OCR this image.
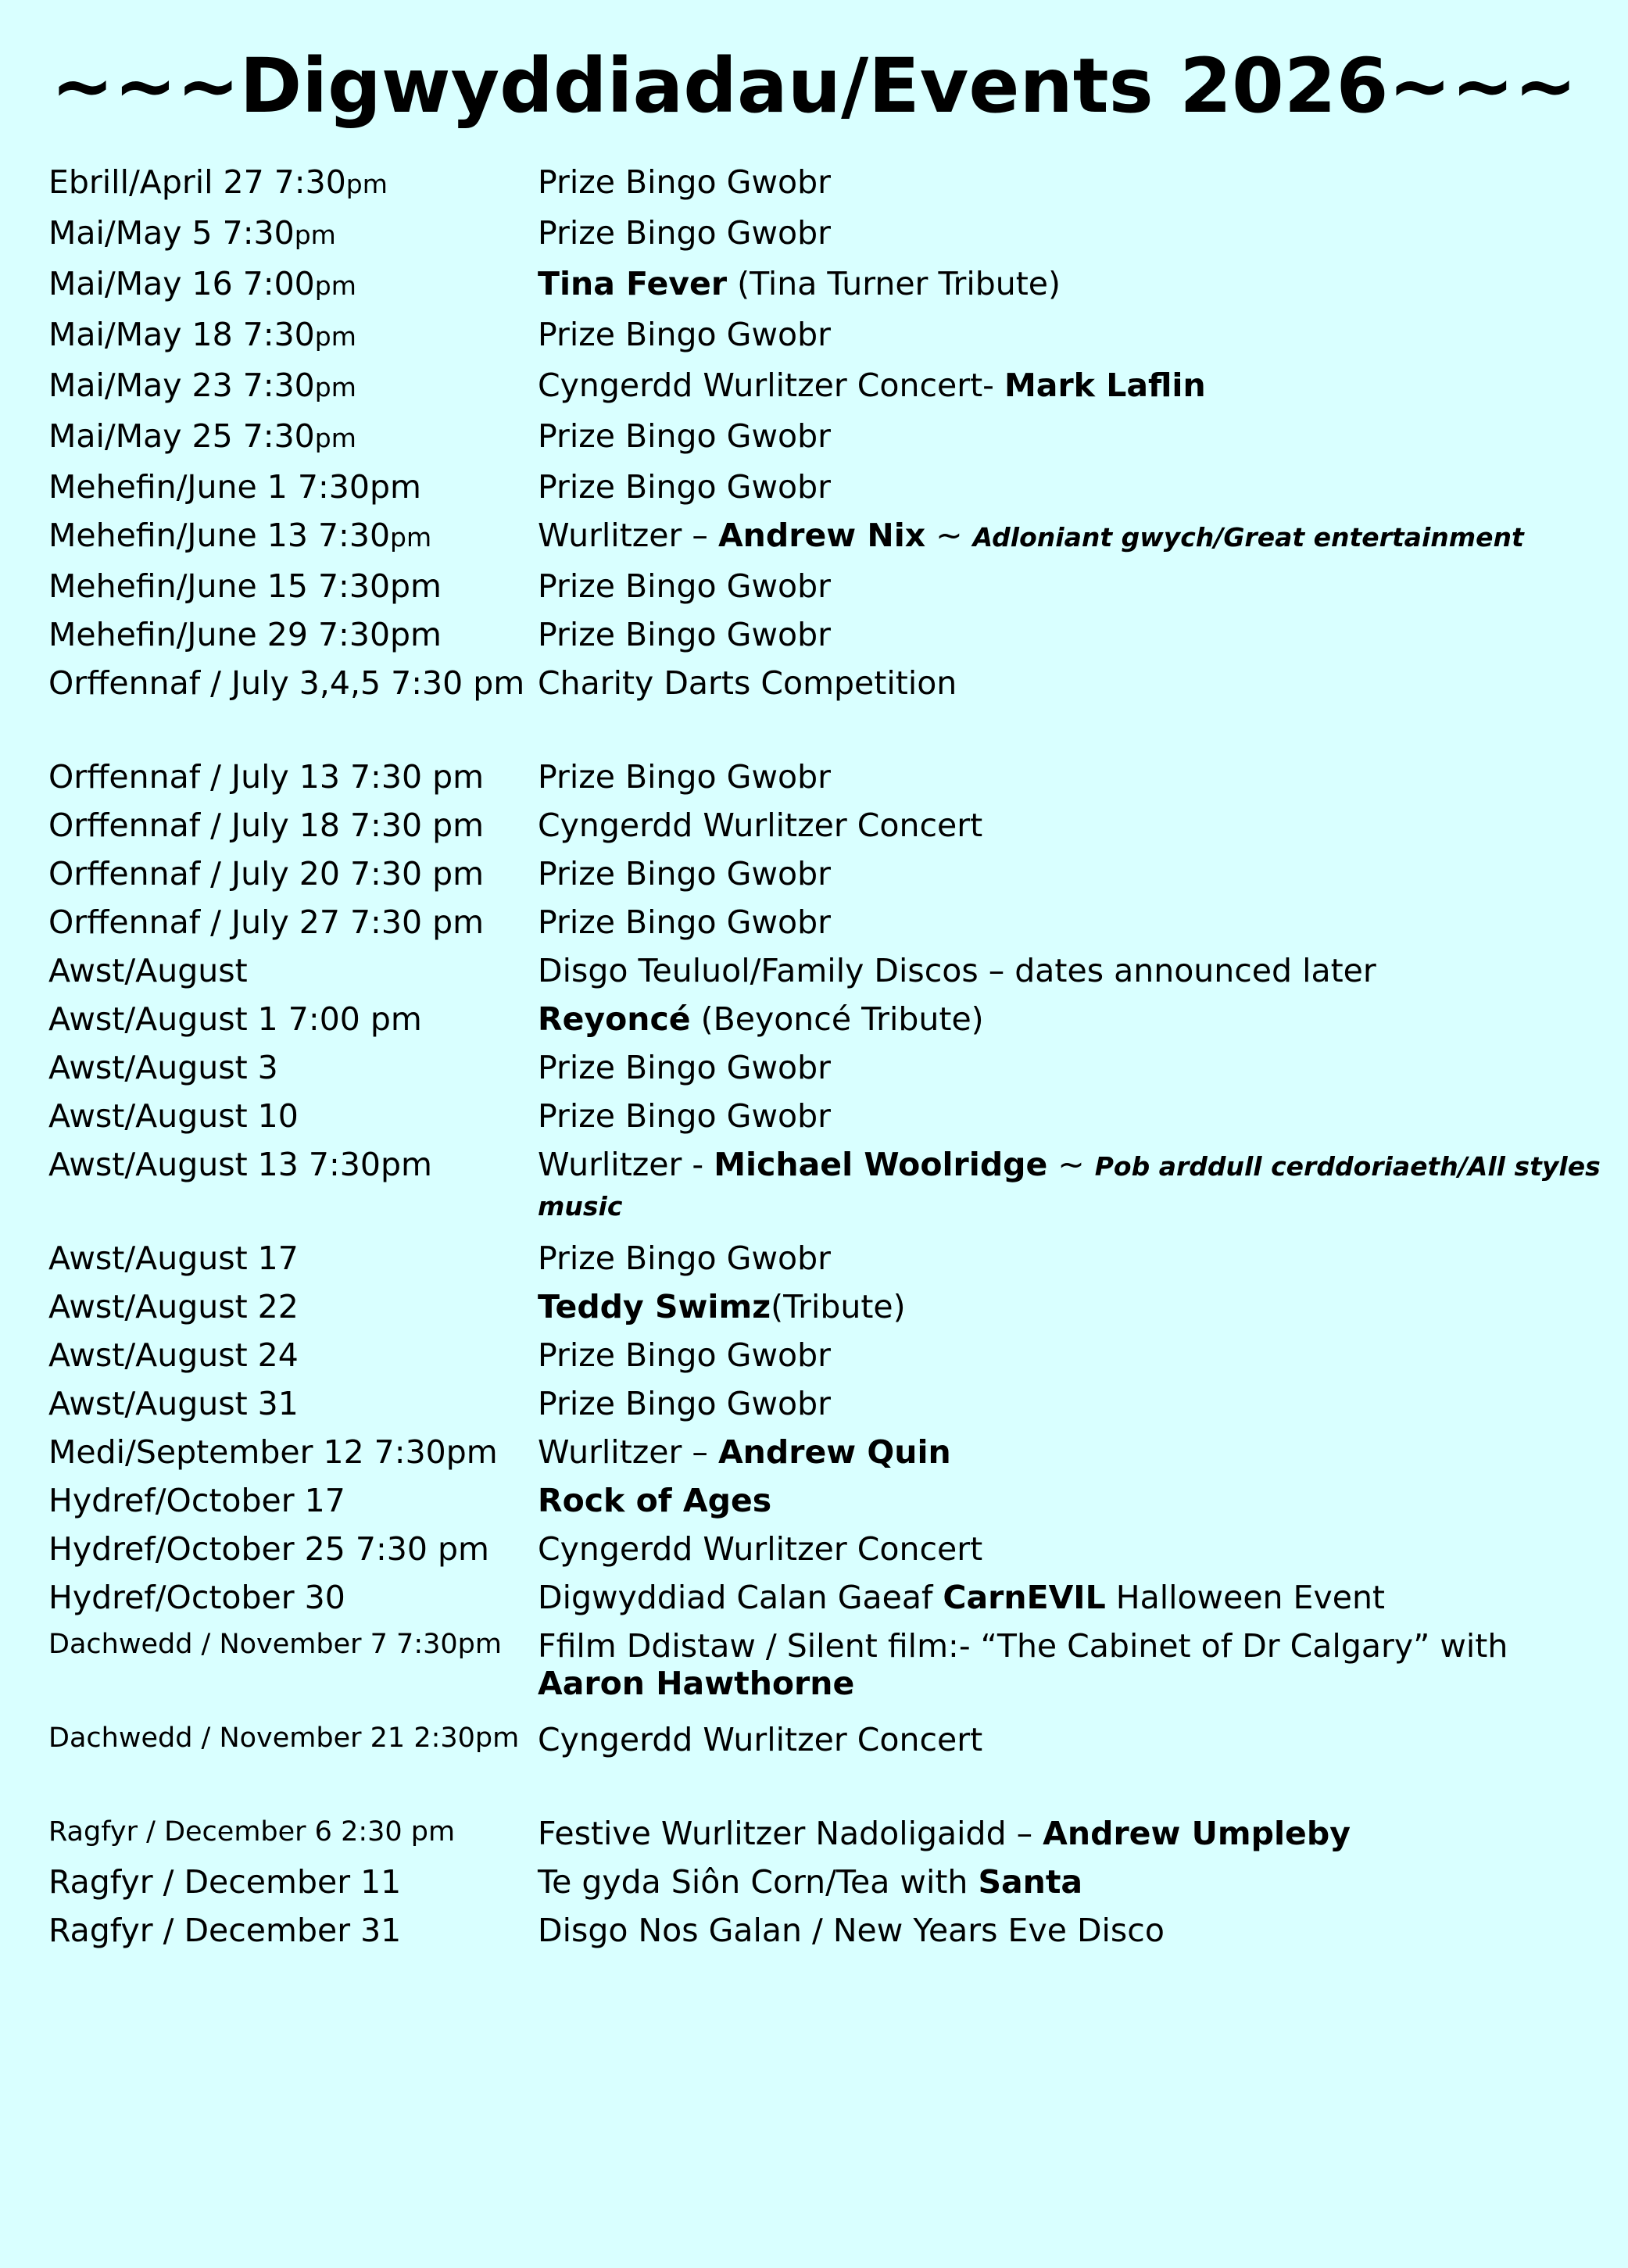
~~~Digwyddiadau/Events 2026~~~
Ebrill/April 27 7:30pm	Prize Bingo Gwobr
Mai/May 5 7:30pm	Prize Bingo Gwobr
Mai/May 16 7:00pm	Tina Fever (Tina Turner Tribute)
Mai/May 18 7:30pm	Prize Bingo Gwobr
Mai/May 23 7:30pm	Cyngerdd Wurlitzer Concert- Mark Laflin
Mai/May 25 7:30pm	Prize Bingo Gwobr
Mehefin/June 1 7:30pm	Prize Bingo Gwobr
Mehefin/June 13 7:30pm	Wurlitzer – Andrew Nix ~ Adloniant gwych/Great entertainment
Mehefin/June 15 7:30pm	Prize Bingo Gwobr
Mehefin/June 29 7:30pm	Prize Bingo Gwobr
Orffennaf / July 3,4,5 7:30 pm Charity Darts Competition
Orffennaf / July 13 7:30 pm	Prize Bingo Gwobr
Orffennaf / July 18 7:30 pm	Cyngerdd Wurlitzer Concert
Orffennaf / July 20 7:30 pm	Prize Bingo Gwobr
Orffennaf / July 27 7:30 pm	Prize Bingo Gwobr
Awst/August	Disgo Teuluol/Family Discos – dates announced later
Awst/August 1 7:00 pm	Reyoncé (Beyoncé Tribute)
Awst/August 3	Prize Bingo Gwobr
Awst/August 10	Prize Bingo Gwobr
Awst/August 13 7:30pm	Wurlitzer - Michael Woolridge ~ Pob arddull cerddoriaeth/All styles music
Awst/August 17	Prize Bingo Gwobr
Awst/August 22	Teddy Swimz(Tribute)
Awst/August 24	Prize Bingo Gwobr
Awst/August 31	Prize Bingo Gwobr
Medi/September 12 7:30pm	Wurlitzer – Andrew Quin
Hydref/October 17	Rock of Ages
Hydref/October 25 7:30 pm	Cyngerdd Wurlitzer Concert
Hydref/October 30	Digwyddiad Calan Gaeaf CarnEVIL Halloween Event
Dachwedd / November 7 7:30pm	Ffilm Ddistaw / Silent film:- “The Cabinet of Dr Calgary” with Aaron Hawthorne
Dachwedd / November 21 2:30pm Cyngerdd Wurlitzer Concert
Ragfyr / December 6 2:30 pm	Festive Wurlitzer Nadoligaidd – Andrew Umpleby
Ragfyr / December 11	Te gyda Siôn Corn/Tea with Santa
Ragfyr / December 31	Disgo Nos Galan / New Years Eve Disco
